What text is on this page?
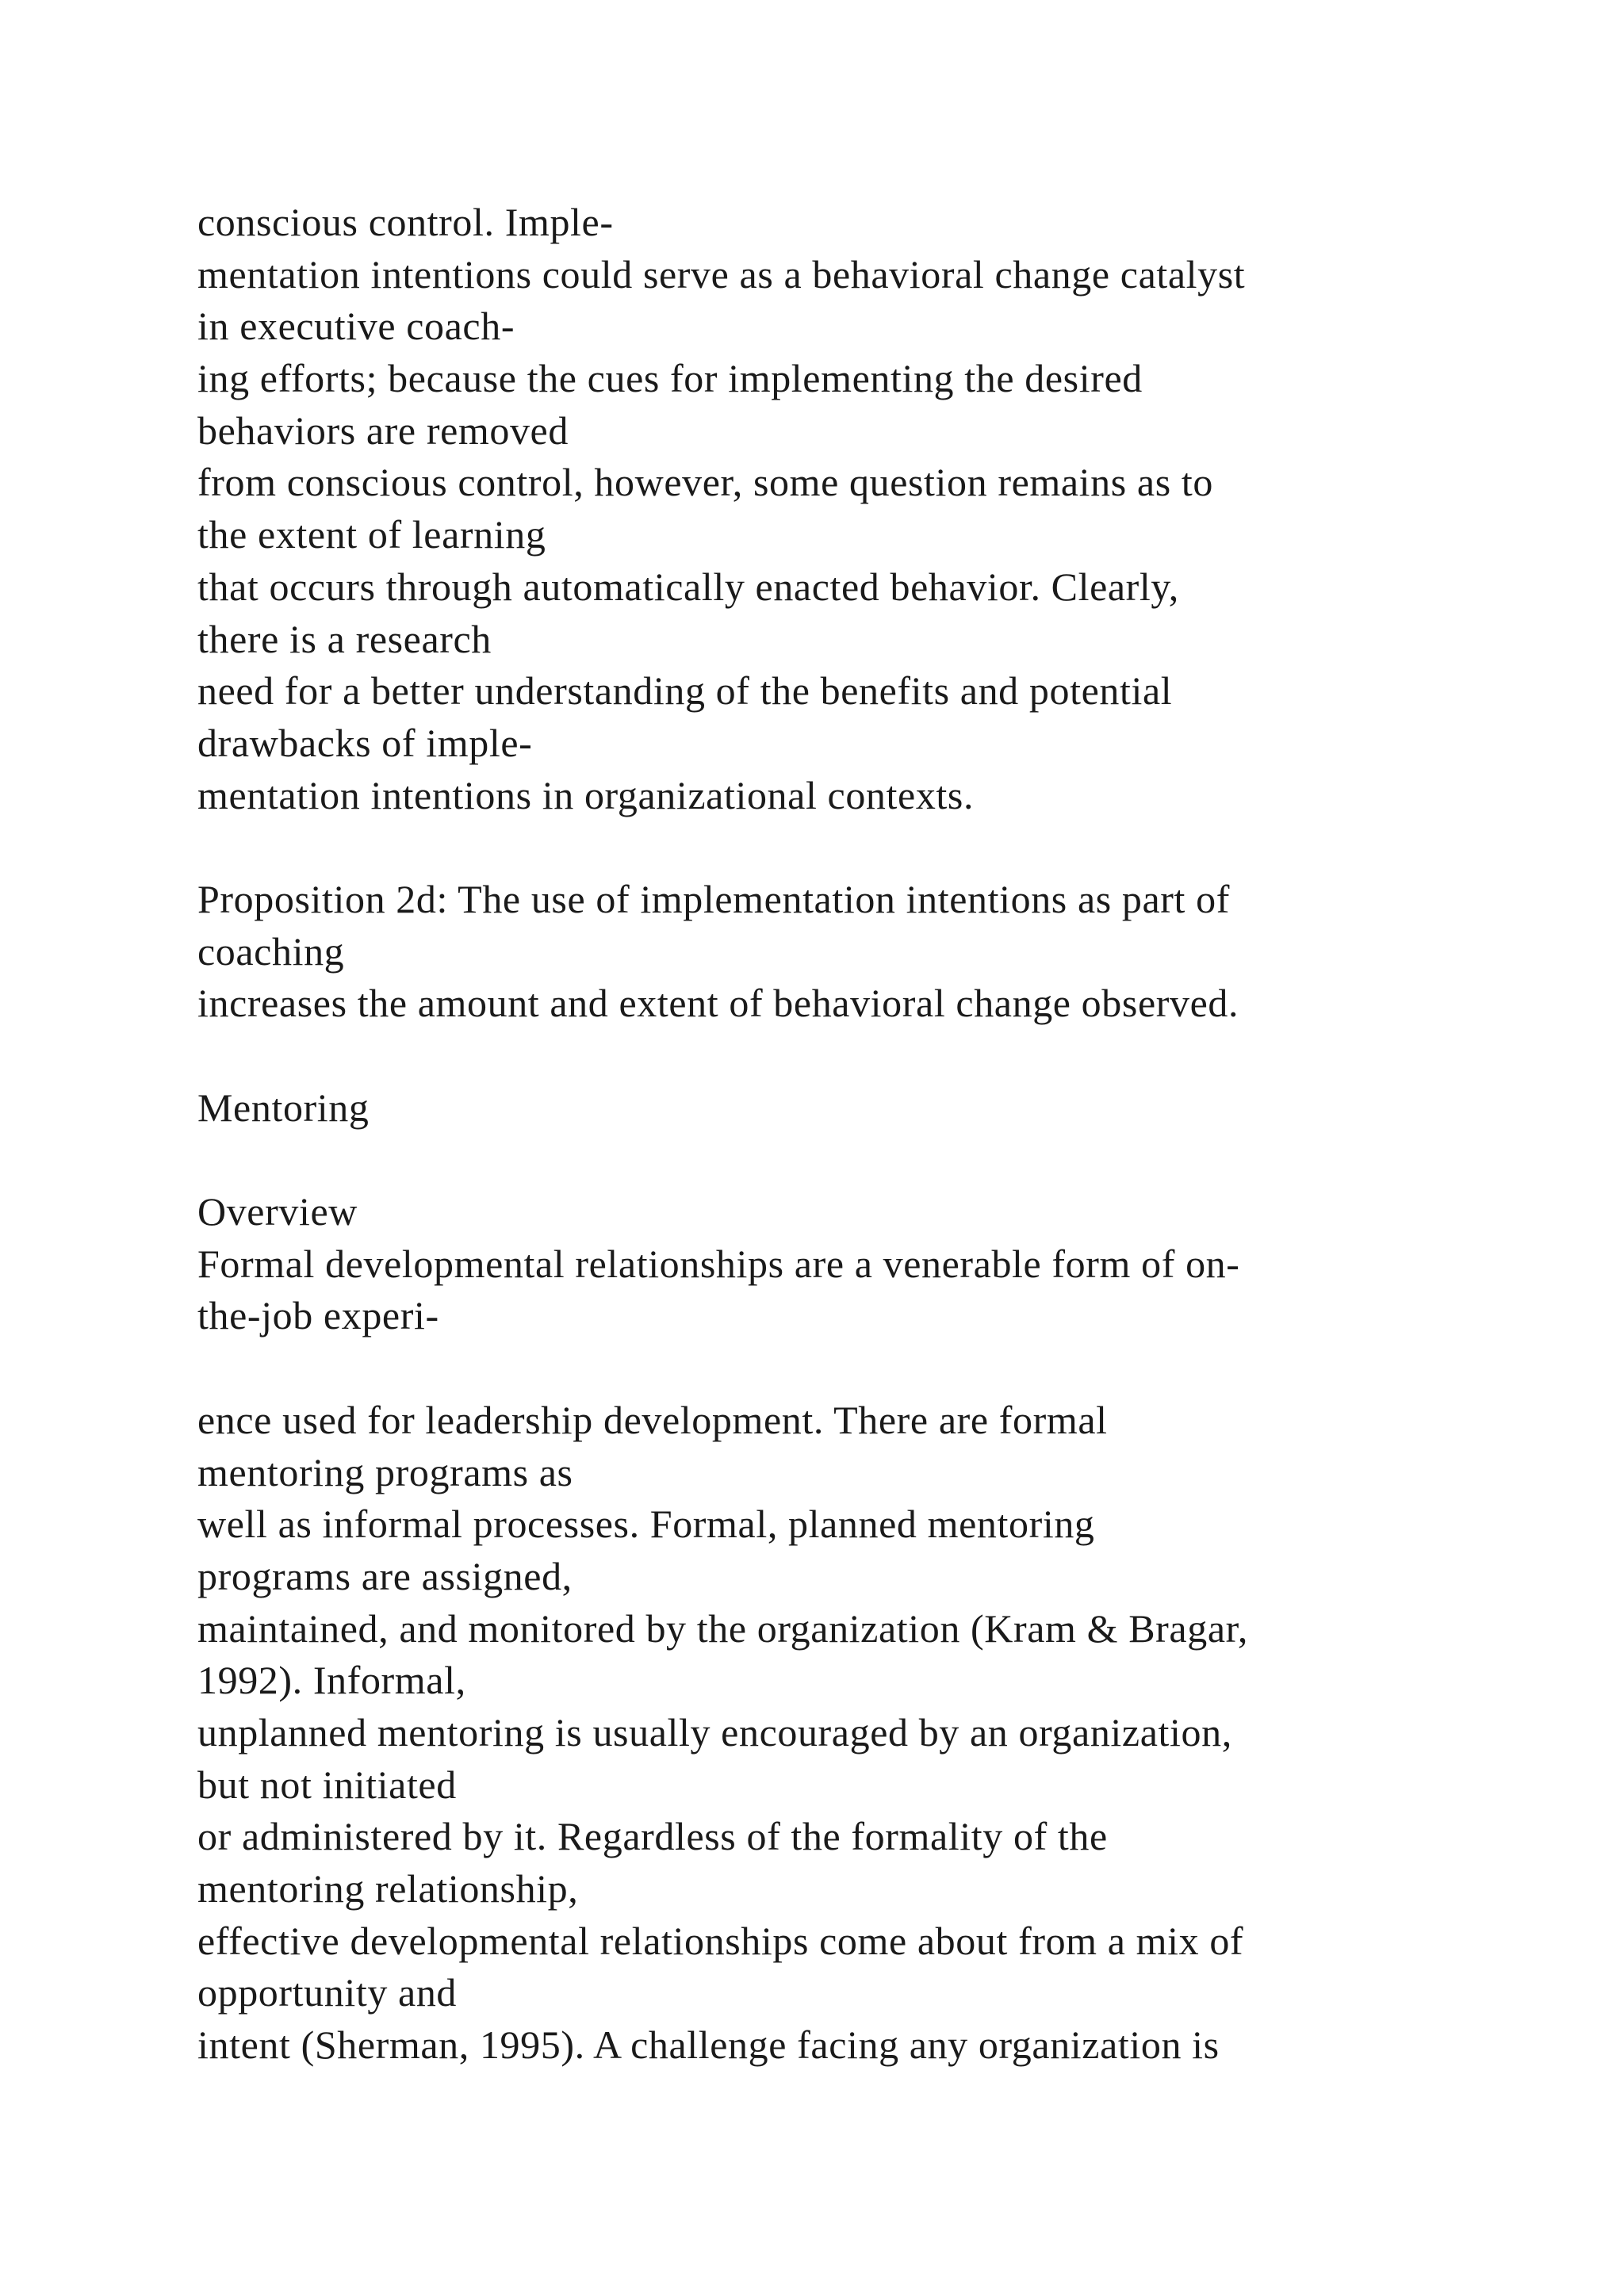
conscious control. Imple-
mentation intentions could serve as a behavioral change catalyst
in executive coach-
ing efforts; because the cues for implementing the desired
behaviors are removed
from conscious control, however, some question remains as to
the extent of learning
that occurs through automatically enacted behavior. Clearly,
there is a research
need for a better understanding of the benefits and potential
drawbacks of imple-
mentation intentions in organizational contexts.
Proposition 2d: The use of implementation intentions as part of
coaching
increases the amount and extent of behavioral change observed.
Mentoring
Overview
Formal developmental relationships are a venerable form of on-
the-job experi-
ence used for leadership development. There are formal
mentoring programs as
well as informal processes. Formal, planned mentoring
programs are assigned,
maintained, and monitored by the organization (Kram & Bragar,
1992). Informal,
unplanned mentoring is usually encouraged by an organization,
but not initiated
or administered by it. Regardless of the formality of the
mentoring relationship,
effective developmental relationships come about from a mix of
opportunity and
intent (Sherman, 1995). A challenge facing any organization is
